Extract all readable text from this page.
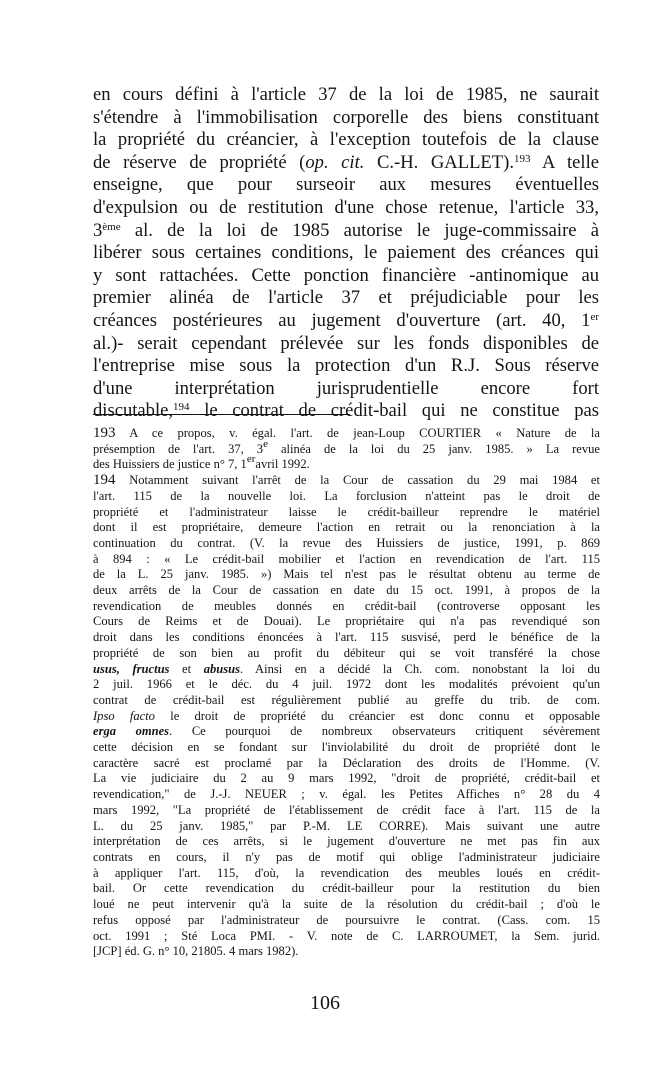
en cours défini à l'article 37 de la loi de 1985, ne saurait
s'étendre à l'immobilisation corporelle des biens constituant
la propriété du créancier, à l'exception toutefois de la clause
de réserve de propriété (op. cit. C.-H. GALLET).$^{193}$ A telle
enseigne, que pour surseoir aux mesures éventuelles
d'expulsion ou de restitution d'une chose retenue, l'article 33,
3ème al. de la loi de 1985 autorise le juge-commissaire à
libérer sous certaines conditions, le paiement des créances qui
y sont rattachées. Cette ponction financière -antinomique au
premier alinéa de l'article 37 et préjudiciable pour les
créances postérieures au jugement d'ouverture (art. 40, 1er
al.)- serait cependant prélevée sur les fonds disponibles de
l'entreprise mise sous la protection d'un R.J. Sous réserve
d'une interprétation jurisprudentielle encore fort
discutable,$^{194}$ le contrat de crédit-bail qui ne constitue pas
193 A ce propos, v. égal. l'art. de jean-Loup COURTIER « Nature de la
présemption de l'art. 37, 3e alinéa de la loi du 25 janv. 1985. » La revue
des Huissiers de justice n° 7, 1eravril 1992.
194 Notamment suivant l'arrêt de la Cour de cassation du 29 mai 1984 et
l'art. 115 de la nouvelle loi. La forclusion n'atteint pas le droit de
propriété et l'administrateur laisse le crédit-bailleur reprendre le matériel
dont il est propriétaire, demeure l'action en retrait ou la renonciation à la
continuation du contrat. (V. la revue des Huissiers de justice, 1991, p. 869
à 894 : « Le crédit-bail mobilier et l'action en revendication de l'art. 115
de la L. 25 janv. 1985. ») Mais tel n'est pas le résultat obtenu au terme de
deux arrêts de la Cour de cassation en date du 15 oct. 1991, à propos de la
revendication de meubles donnés en crédit-bail (controverse opposant les
Cours de Reims et de Douai). Le propriétaire qui n'a pas revendiqué son
droit dans les conditions énoncées à l'art. 115 susvisé, perd le bénéfice de la
propriété de son bien au profit du débiteur qui se voit transféré la chose
usus, fructus et abusus. Ainsi en a décidé la Ch. com. nonobstant la loi du
2 juil. 1966 et le déc. du 4 juil. 1972 dont les modalités prévoient qu'un
contrat de crédit-bail est régulièrement publié au greffe du trib. de com.
Ipso facto le droit de propriété du créancier est donc connu et opposable
erga omnes. Ce pourquoi de nombreux observateurs critiquent sévèrement
cette décision en se fondant sur l'inviolabilité du droit de propriété dont le
caractère sacré est proclamé par la Déclaration des droits de l'Homme. (V.
La vie judiciaire du 2 au 9 mars 1992, "droit de propriété, crédit-bail et
revendication," de J.-J. NEUER ; v. égal. les Petites Affiches n° 28 du 4
mars 1992, "La propriété de l'établissement de crédit face à l'art. 115 de la
L. du 25 janv. 1985," par P.-M. LE CORRE). Mais suivant une autre
interprétation de ces arrêts, si le jugement d'ouverture ne met pas fin aux
contrats en cours, il n'y pas de motif qui oblige l'administrateur judiciaire
à appliquer l'art. 115, d'où, la revendication des meubles loués en crédit-
bail. Or cette revendication du crédit-bailleur pour la restitution du bien
loué ne peut intervenir qu'à la suite de la résolution du crédit-bail ; d'où le
refus opposé par l'administrateur de poursuivre le contrat. (Cass. com. 15
oct. 1991 ; Sté Loca PMI. - V. note de C. LARROUMET, la Sem. jurid.
[JCP] éd. G. n° 10, 21805. 4 mars 1982).
106
